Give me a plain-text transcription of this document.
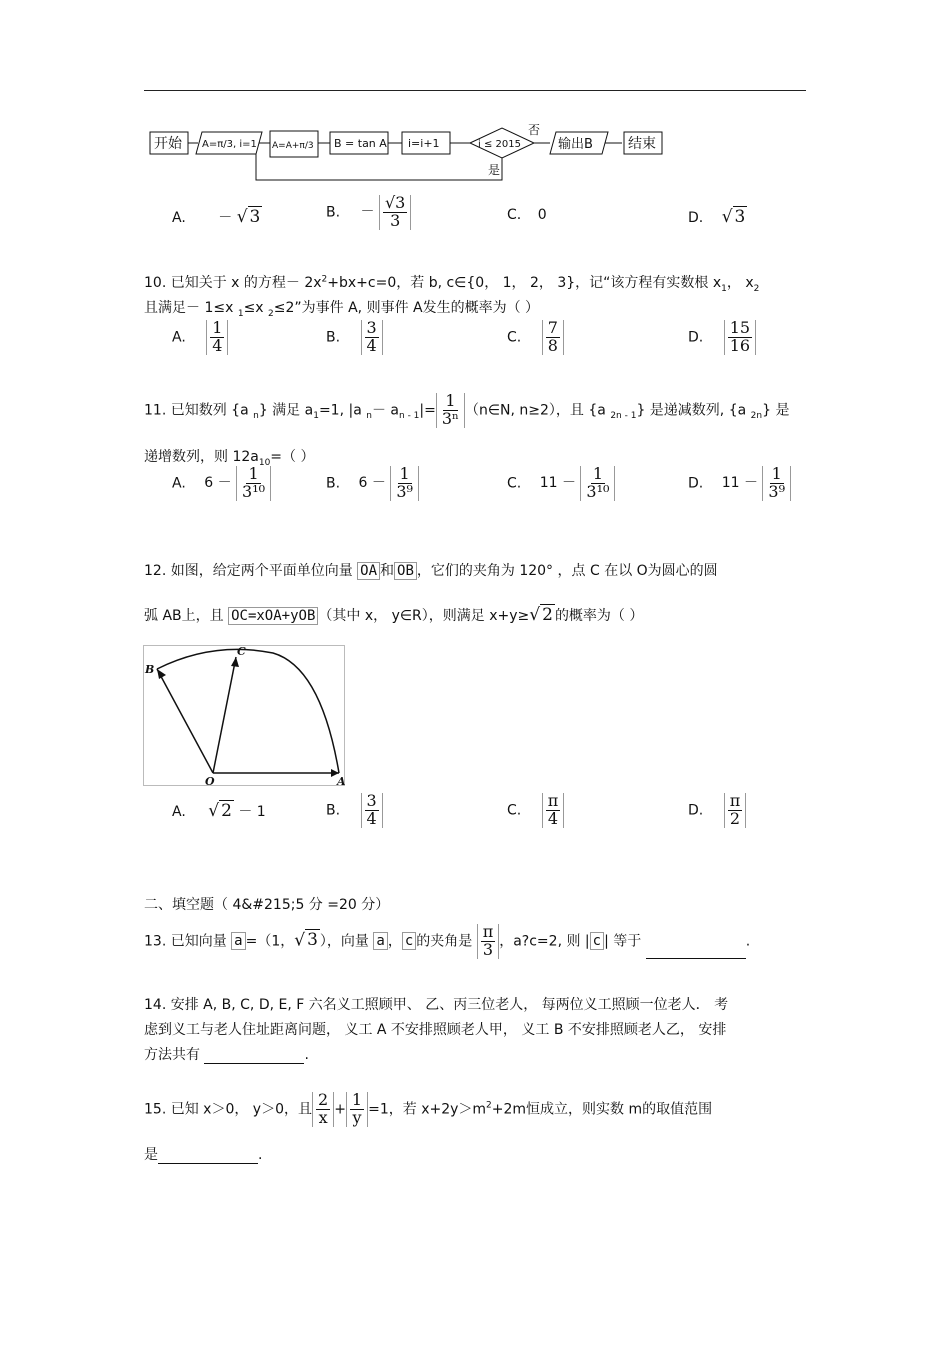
开始 A=π/3, i=1 A=A+π/3 B = tan A i=i+1	i ≤ 2015
否
输出B	结束
是
A. － √ 3	B. － $\frac{√3}{3}$	C. 0	D. √ 3
10. 已知关于 x 的方程－ $2x^2+bx+c=0$，若 b, c∈{0， 1， 2， 3}，记“该方程有实数根 $x_1$， $x_2$
且满足－ 1≤x $_1$≤x $_2$≤2”为事件 A, 则事件 A发生的概率为（ ）
A. $\frac{1}{4}$	B. $\frac{3}{4}$	C. $\frac{7}{8}$	D. $\frac{15}{16}$
11. 已知数列 {a $_n$} 满足 $a_1=1$, |a $_n- a_{n - 1}|= \frac{1}{\text{3ⁿ}}$ （n∈N, n≥2），且 {a $_{2n - 1}$} 是递减数列, {a $_{2n}$} 是
递增数列，则 $12a_{10}=$（ ）
A. $6 - \frac{1}{\text{3¹⁰}}$	B. $6 - \frac{1}{\text{3⁹}}$	C. $11 - \frac{1}{\text{3¹⁰}}$	D. $11 - \frac{1}{\text{3⁹}}$
12. 如图，给定两个平面单位向量 OA 和 OB ，它们的夹角为 120° ，点 C 在以 O为圆心的圆
弧 AB上，且 OC=xOA+yOB （其中 x， y∈R），则满足 x+y≥√ 2 的概率为（ ）
B
C
O	A
A. √ 2 － 1	B. $\frac{3}{4}$	C. $\frac{\pi}{4}$	D. $\frac{\pi}{2}$
二、填空题（ 4&#215;5 分 =20 分）
13. 已知向量 a =（1，√ 3 ），向量 a ， c 的夹角是 $\frac{\pi}{3}$ ，a?c=2, 则 | c | 等于	.
14. 安排 A, B, C, D, E, F 六名义工照顾甲、 乙、丙三位老人， 每两位义工照顾一位老人． 考
虑到义工与老人住址距离问题， 义工 A 不安排照顾老人甲， 义工 B 不安排照顾老人乙， 安排
方法共有	.
15. 已知 x＞0， y＞0，且 $\frac{2}{x} + \frac{1}{y} =1$，若 $x+2y>m^2+2m$恒成立，则实数 m的取值范围
是	.
